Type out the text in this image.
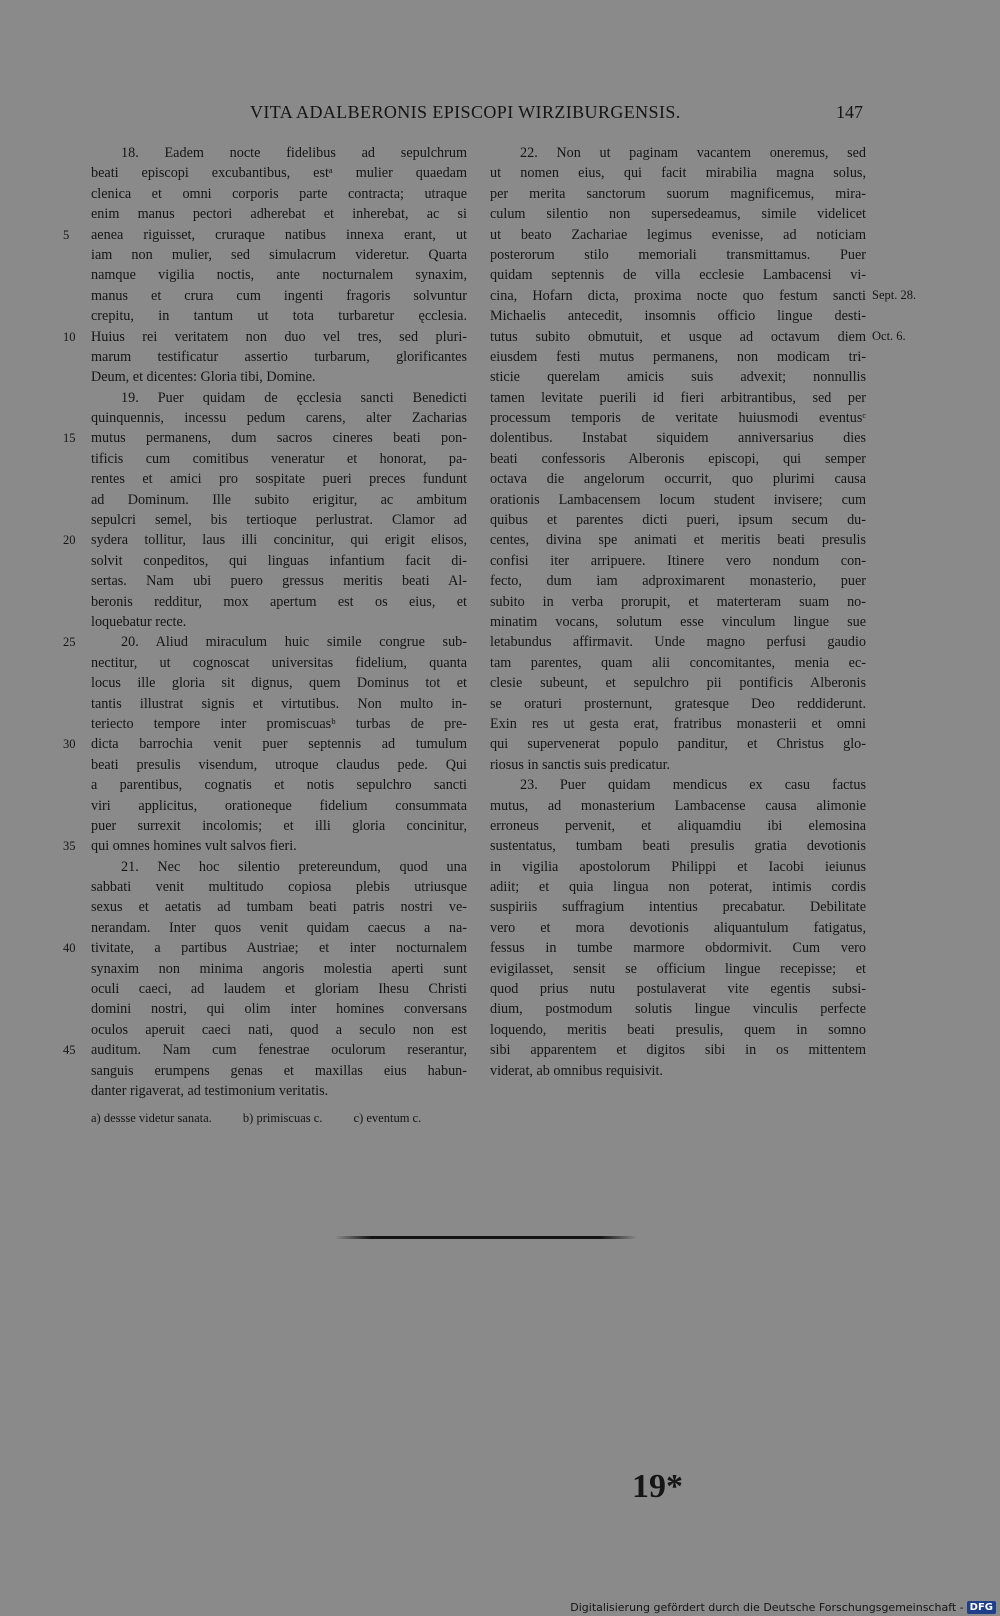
VITA ADALBERONIS EPISCOPI WIRZIBURGENSIS.	147
18. Eadem nocte fidelibus ad sepulchrum
beati episcopi excubantibus, estᵃ mulier quaedam
clenica et omni corporis parte contracta; utraque
enim manus pectori adherebat et inherebat, ac si
aenea riguisset, cruraque natibus innexa erant, ut
5
iam non mulier, sed simulacrum videretur. Quarta
namque vigilia noctis, ante nocturnalem synaxim,
manus et crura cum ingenti fragoris solvuntur
crepitu, in tantum ut tota turbaretur ęcclesia.
Huius rei veritatem non duo vel tres, sed pluri-
10
marum testificatur assertio turbarum, glorificantes
Deum, et dicentes: Gloria tibi, Domine.
19. Puer quidam de ęcclesia sancti Benedicti
quinquennis, incessu pedum carens, alter Zacharias
mutus permanens, dum sacros cineres beati pon-
15
tificis cum comitibus veneratur et honorat, pa-
rentes et amici pro sospitate pueri preces fundunt
ad Dominum. Ille subito erigitur, ac ambitum
sepulcri semel, bis tertioque perlustrat. Clamor ad
sydera tollitur, laus illi concinitur, qui erigit elisos,
20
solvit conpeditos, qui linguas infantium facit di-
sertas. Nam ubi puero gressus meritis beati Al-
beronis redditur, mox apertum est os eius, et
loquebatur recte.
20. Aliud miraculum huic simile congrue sub-
25
nectitur, ut cognoscat universitas fidelium, quanta
locus ille gloria sit dignus, quem Dominus tot et
tantis illustrat signis et virtutibus. Non multo in-
teriecto tempore inter promiscuasᵇ turbas de pre-
dicta barrochia venit puer septennis ad tumulum
30
beati presulis visendum, utroque claudus pede. Qui
a parentibus, cognatis et notis sepulchro sancti
viri applicitus, orationeque fidelium consummata
puer surrexit incolomis; et illi gloria concinitur,
qui omnes homines vult salvos fieri.
35
21. Nec hoc silentio pretereundum, quod una
sabbati venit multitudo copiosa plebis utriusque
sexus et aetatis ad tumbam beati patris nostri ve-
nerandam. Inter quos venit quidam caecus a na-
tivitate, a partibus Austriae; et inter nocturnalem
40
synaxim non minima angoris molestia aperti sunt
oculi caeci, ad laudem et gloriam Ihesu Christi
domini nostri, qui olim inter homines conversans
oculos aperuit caeci nati, quod a seculo non est
auditum. Nam cum fenestrae oculorum reserantur,
45
sanguis erumpens genas et maxillas eius habun-
danter rigaverat, ad testimonium veritatis.
22. Non ut paginam vacantem oneremus, sed
ut nomen eius, qui facit mirabilia magna solus,
per merita sanctorum suorum magnificemus, mira-
culum silentio non supersedeamus, simile videlicet
ut beato Zachariae legimus evenisse, ad noticiam
posterorum stilo memoriali transmittamus. Puer
quidam septennis de villa ecclesie Lambacensi vi-
cina, Hofarn dicta, proxima nocte quo festum sancti
Michaelis antecedit, insomnis officio lingue desti-
tutus subito obmutuit, et usque ad octavum diem
eiusdem festi mutus permanens, non modicam tri-
sticie querelam amicis suis advexit; nonnullis
tamen levitate puerili id fieri arbitrantibus, sed per
processum temporis de veritate huiusmodi eventusᶜ
dolentibus. Instabat siquidem anniversarius dies
beati confessoris Alberonis episcopi, qui semper
octava die angelorum occurrit, quo plurimi causa
orationis Lambacensem locum student invisere; cum
quibus et parentes dicti pueri, ipsum secum du-
centes, divina spe animati et meritis beati presulis
confisi iter arripuere. Itinere vero nondum con-
fecto, dum iam adproximarent monasterio, puer
subito in verba prorupit, et materteram suam no-
minatim vocans, solutum esse vinculum lingue sue
letabundus affirmavit. Unde magno perfusi gaudio
tam parentes, quam alii concomitantes, menia ec-
clesie subeunt, et sepulchro pii pontificis Alberonis
se oraturi prosternunt, gratesque Deo reddiderunt.
Exin res ut gesta erat, fratribus monasterii et omni
qui supervenerat populo panditur, et Christus glo-
riosus in sanctis suis predicatur.
23. Puer quidam mendicus ex casu factus
mutus, ad monasterium Lambacense causa alimonie
erroneus pervenit, et aliquamdiu ibi elemosina
sustentatus, tumbam beati presulis gratia devotionis
in vigilia apostolorum Philippi et Iacobi ieiunus
adiit; et quia lingua non poterat, intimis cordis
suspiriis suffragium intentius precabatur. Debilitate
vero et mora devotionis aliquantulum fatigatus,
fessus in tumbe marmore obdormivit. Cum vero
evigilasset, sensit se officium lingue recepisse; et
quod prius nutu postulaverat vite egentis subsi-
dium, postmodum solutis lingue vinculis perfecte
loquendo, meritis beati presulis, quem in somno
sibi apparentem et digitos sibi in os mittentem
viderat, ab omnibus requisivit.
a) dessse videtur sanata. b) primiscuas c. c) eventum c.
19*
Digitalisierung gefördert durch die Deutsche Forschungsgemeinschaft - DFG
Sept. 28.
Oct. 6.
